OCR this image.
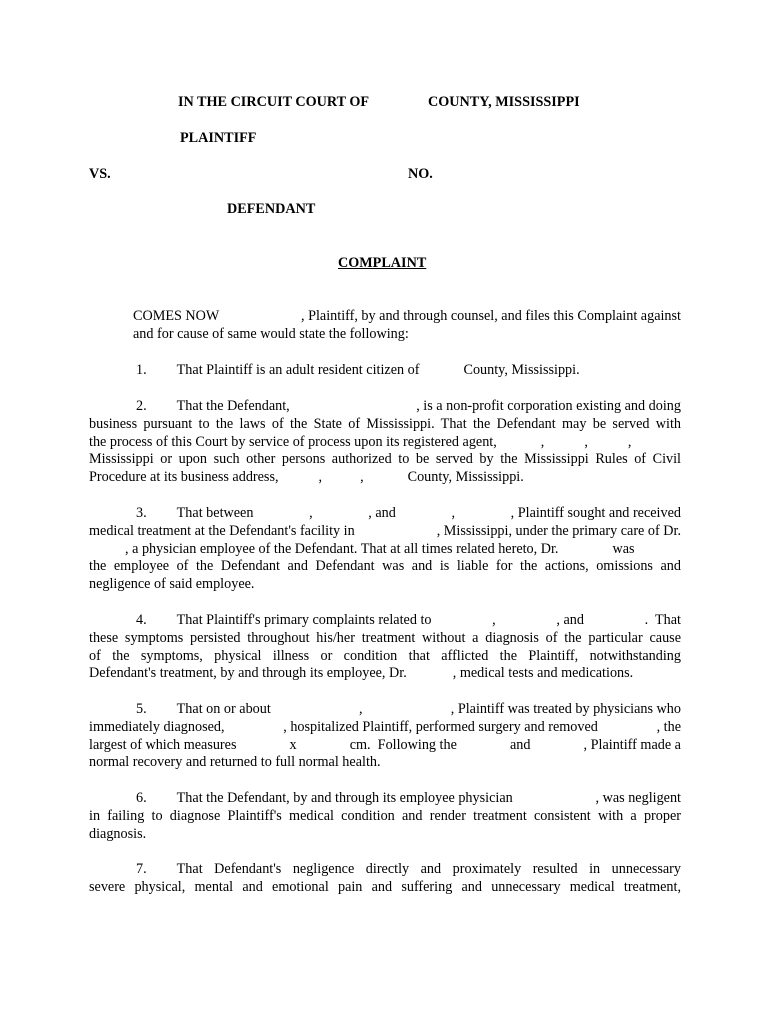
IN THE CIRCUIT COURT OF	COUNTY, MISSISSIPPI
PLAINTIFF
VS.	NO.
DEFENDANT
COMPLAINT
COMES NOW	, Plaintiff, by and through counsel, and files this Complaint against
and for cause of same would state the following:
1. That Plaintiff is an adult resident citizen of	County, Mississippi.
2. That the Defendant,	, is a non-profit corporation existing and doing
business pursuant to the laws of the State of Mississippi. That the Defendant may be served with
the process of this Court by service of process upon its registered agent,	,	,	,
Mississippi or upon such other persons authorized to be served by the Mississippi Rules of Civil
Procedure at its business address,	,	,	County, Mississippi.
3. That between	,	, and	,	, Plaintiff sought and received
medical treatment at the Defendant's facility in	, Mississippi, under the primary care of Dr.
, a physician employee of the Defendant. That at all times related hereto, Dr.	was
the employee of the Defendant and Defendant was and is liable for the actions, omissions and
negligence of said employee.
4. That Plaintiff's primary complaints related to	,	, and	.  That
these symptoms persisted throughout his/her treatment without a diagnosis of the particular cause
of the symptoms, physical illness or condition that afflicted the Plaintiff, notwithstanding
Defendant's treatment, by and through its employee, Dr.	, medical tests and medications.
5. That on or about	,	, Plaintiff was treated by physicians who
immediately diagnosed,	, hospitalized Plaintiff, performed surgery and removed	, the
largest of which measures	x	cm.  Following the	and	, Plaintiff made a
normal recovery and returned to full normal health.
6. That the Defendant, by and through its employee physician	, was negligent
in failing to diagnose Plaintiff's medical condition and render treatment consistent with a proper
diagnosis.
7. That Defendant's negligence directly and proximately resulted in unnecessary
severe physical, mental and emotional pain and suffering and unnecessary medical treatment,
